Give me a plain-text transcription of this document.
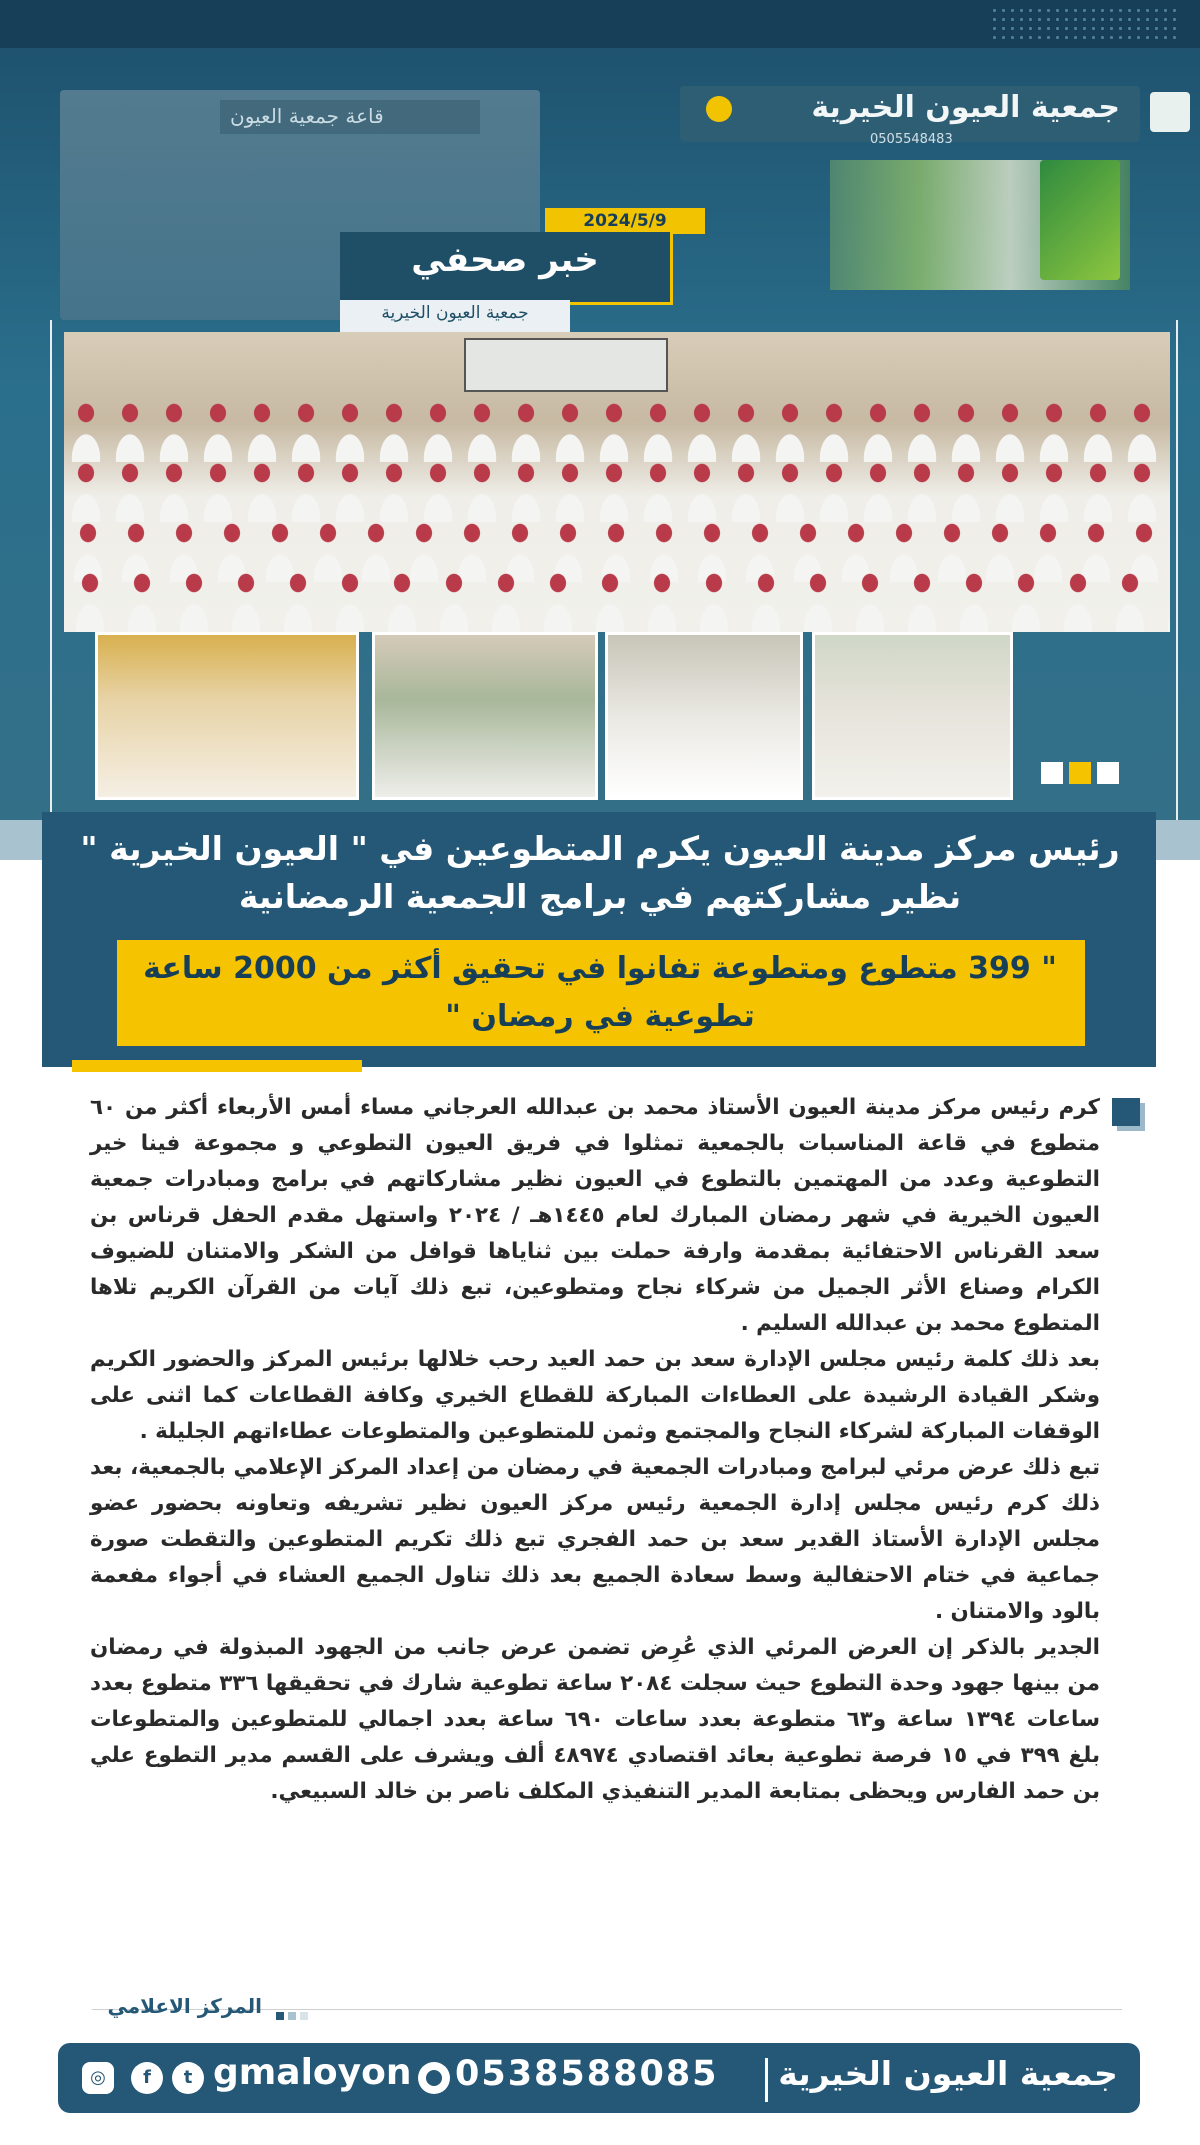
قاعة جمعية العيون	جمعية العيون الخيرية
0505548483
2024/5/9
خبر صحفي
جمعية العيون الخيرية
رئيس مركز مدينة العيون يكرم المتطوعين في " العيون الخيرية "
نظير مشاركتهم في برامج الجمعية الرمضانية
" 399 متطوع ومتطوعة تفانوا في تحقيق أكثر من 2000 ساعة
تطوعية في رمضان "

كرم رئيس مركز مدينة العيون الأستاذ محمد بن عبدالله العرجاني مساء أمس الأربعاء أكثر من ٦٠ متطوع في قاعة المناسبات بالجمعية تمثلوا في فريق العيون التطوعي و مجموعة فينا خير التطوعية وعدد من المهتمين بالتطوع في العيون نظير مشاركاتهم في برامج ومبادرات جمعية العيون الخيرية في شهر رمضان المبارك لعام ١٤٤٥هـ / ٢٠٢٤ واستهل مقدم الحفل قرناس بن سعد القرناس الاحتفائية بمقدمة وارفة حملت بين ثناياها قوافل من الشكر والامتنان للضيوف الكرام وصناع الأثر الجميل من شركاء نجاح ومتطوعين، تبع ذلك آيات من القرآن الكريم تلاها المتطوع محمد بن عبدالله السليم .

بعد ذلك كلمة رئيس مجلس الإدارة سعد بن حمد العيد رحب خلالها برئيس المركز والحضور الكريم وشكر القيادة الرشيدة على العطاءات المباركة للقطاع الخيري وكافة القطاعات كما اثنى على الوقفات المباركة لشركاء النجاح والمجتمع وثمن للمتطوعين والمتطوعات عطاءاتهم الجليلة .

تبع ذلك عرض مرئي لبرامج ومبادرات الجمعية في رمضان من إعداد المركز الإعلامي بالجمعية، بعد ذلك كرم رئيس مجلس إدارة الجمعية رئيس مركز العيون نظير تشريفه وتعاونه بحضور عضو مجلس الإدارة الأستاذ القدير سعد بن حمد الفجري تبع ذلك تكريم المتطوعين والتقطت صورة جماعية في ختام الاحتفالية وسط سعادة الجميع بعد ذلك تناول الجميع العشاء في أجواء مفعمة بالود والامتنان .

الجدير بالذكر إن العرض المرئي الذي عُرِض تضمن عرض جانب من الجهود المبذولة في رمضان من بينها جهود وحدة التطوع حيث سجلت ٢٠٨٤ ساعة تطوعية شارك في تحقيقها ٣٣٦ متطوع بعدد ساعات ١٣٩٤ ساعة و٦٣ متطوعة بعدد ساعات ٦٩٠ ساعة بعدد اجمالي للمتطوعين والمتطوعات بلغ ٣٩٩ في ١٥ فرصة تطوعية بعائد اقتصادي ٤٨٩٧٤ ألف ويشرف على القسم مدير التطوع علي بن حمد الفارس ويحظى بمتابعة المدير التنفيذي المكلف ناصر بن خالد السبيعي.

المركز الاعلامي
جمعية العيون الخيرية
0538588085
gmaloyon
t
f
◎
